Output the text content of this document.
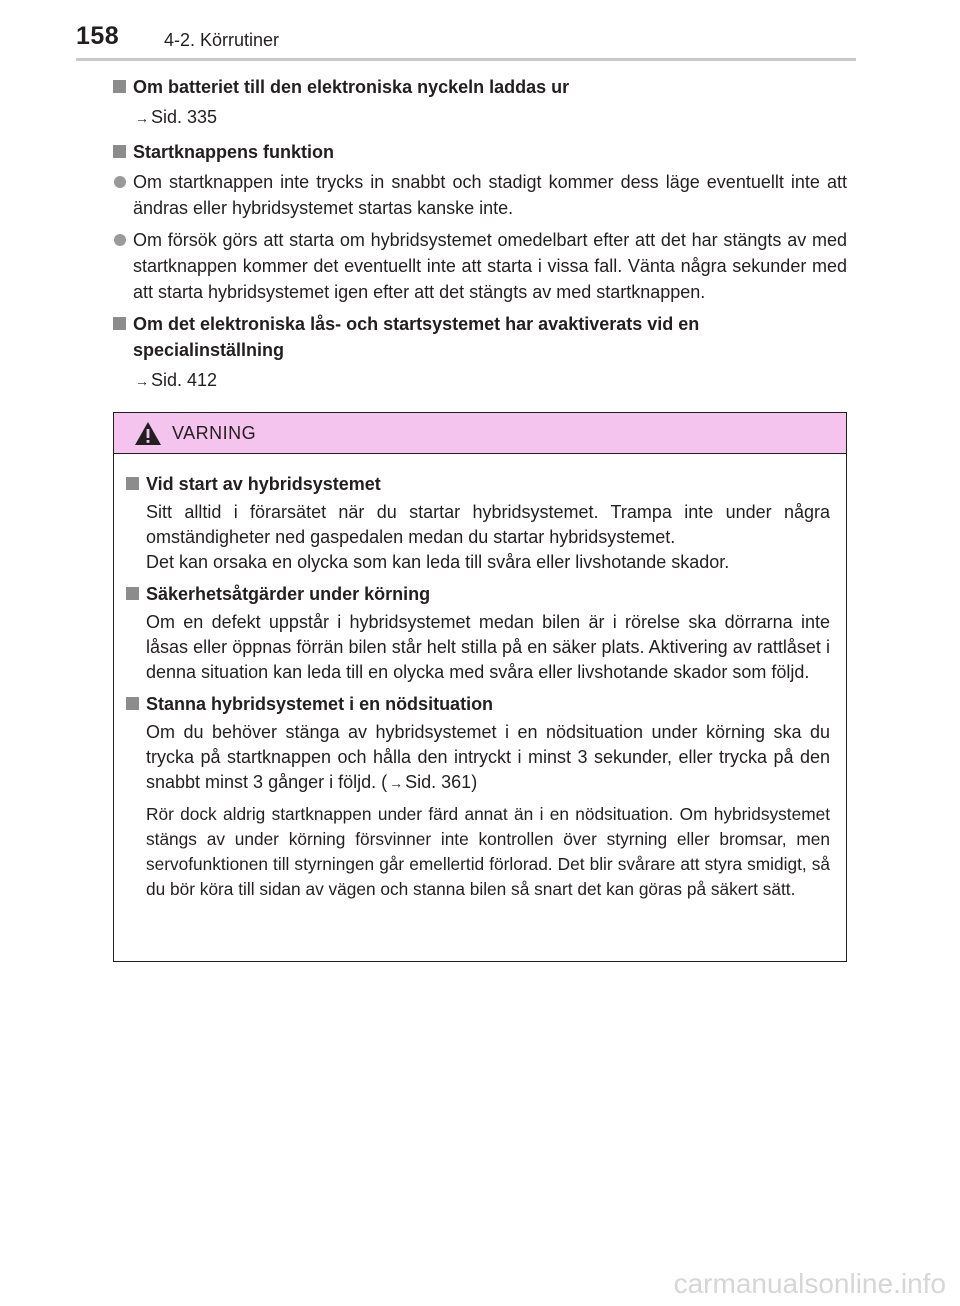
158 4-2. Körrutiner
Om batteriet till den elektroniska nyckeln laddas ur
→ Sid. 335
Startknappens funktion
Om startknappen inte trycks in snabbt och stadigt kommer dess läge eventuellt inte att ändras eller hybridsystemet startas kanske inte.
Om försök görs att starta om hybridsystemet omedelbart efter att det har stängts av med startknappen kommer det eventuellt inte att starta i vissa fall. Vänta några sekunder med att starta hybridsystemet igen efter att det stängts av med startknappen.
Om det elektroniska lås- och startsystemet har avaktiverats vid en specialinställning
→ Sid. 412
VARNING
Vid start av hybridsystemet
Sitt alltid i förarsätet när du startar hybridsystemet. Trampa inte under några omständigheter ned gaspedalen medan du startar hybridsystemet.
Det kan orsaka en olycka som kan leda till svåra eller livshotande skador.
Säkerhetsåtgärder under körning
Om en defekt uppstår i hybridsystemet medan bilen är i rörelse ska dörrarna inte låsas eller öppnas förrän bilen står helt stilla på en säker plats. Aktivering av rattlåset i denna situation kan leda till en olycka med svåra eller livshotande skador som följd.
Stanna hybridsystemet i en nödsituation
Om du behöver stänga av hybridsystemet i en nödsituation under körning ska du trycka på startknappen och hålla den intryckt i minst 3 sekunder, eller trycka på den snabbt minst 3 gånger i följd. ( → Sid. 361)
Rör dock aldrig startknappen under färd annat än i en nödsituation. Om hybridsystemet stängs av under körning försvinner inte kontrollen över styrning eller bromsar, men servofunktionen till styrningen går emellertid förlorad. Det blir svårare att styra smidigt, så du bör köra till sidan av vägen och stanna bilen så snart det kan göras på säkert sätt.
carmanualsonline.info
